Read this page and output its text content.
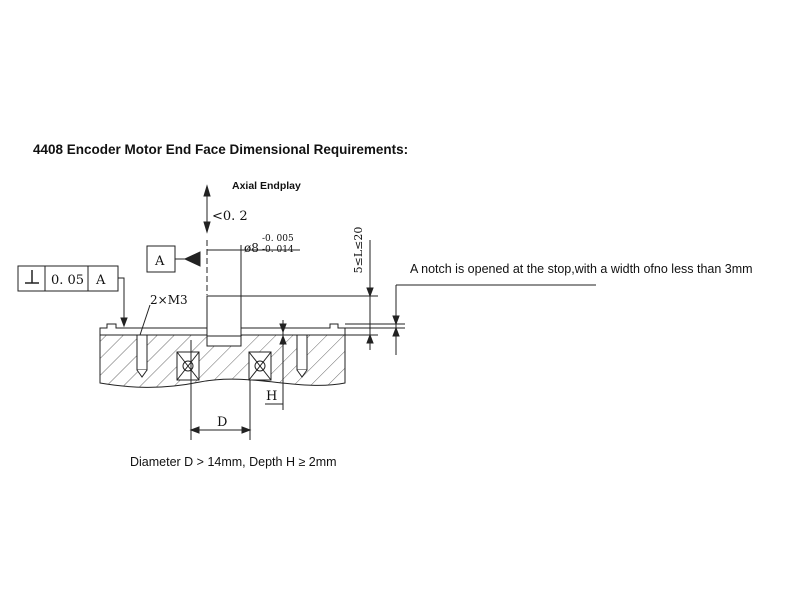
4408 Encoder Motor End Face Dimensional Requirements:
A notch is opened at the stop,with a width ofno less than 3mm
Diameter D > 14mm, Depth H ≥ 2mm
Axial Endplay
<0. 2
A
ø8
-0. 005
-0. 014
0. 05 A
2×M3
5≤L≤20
D
H
